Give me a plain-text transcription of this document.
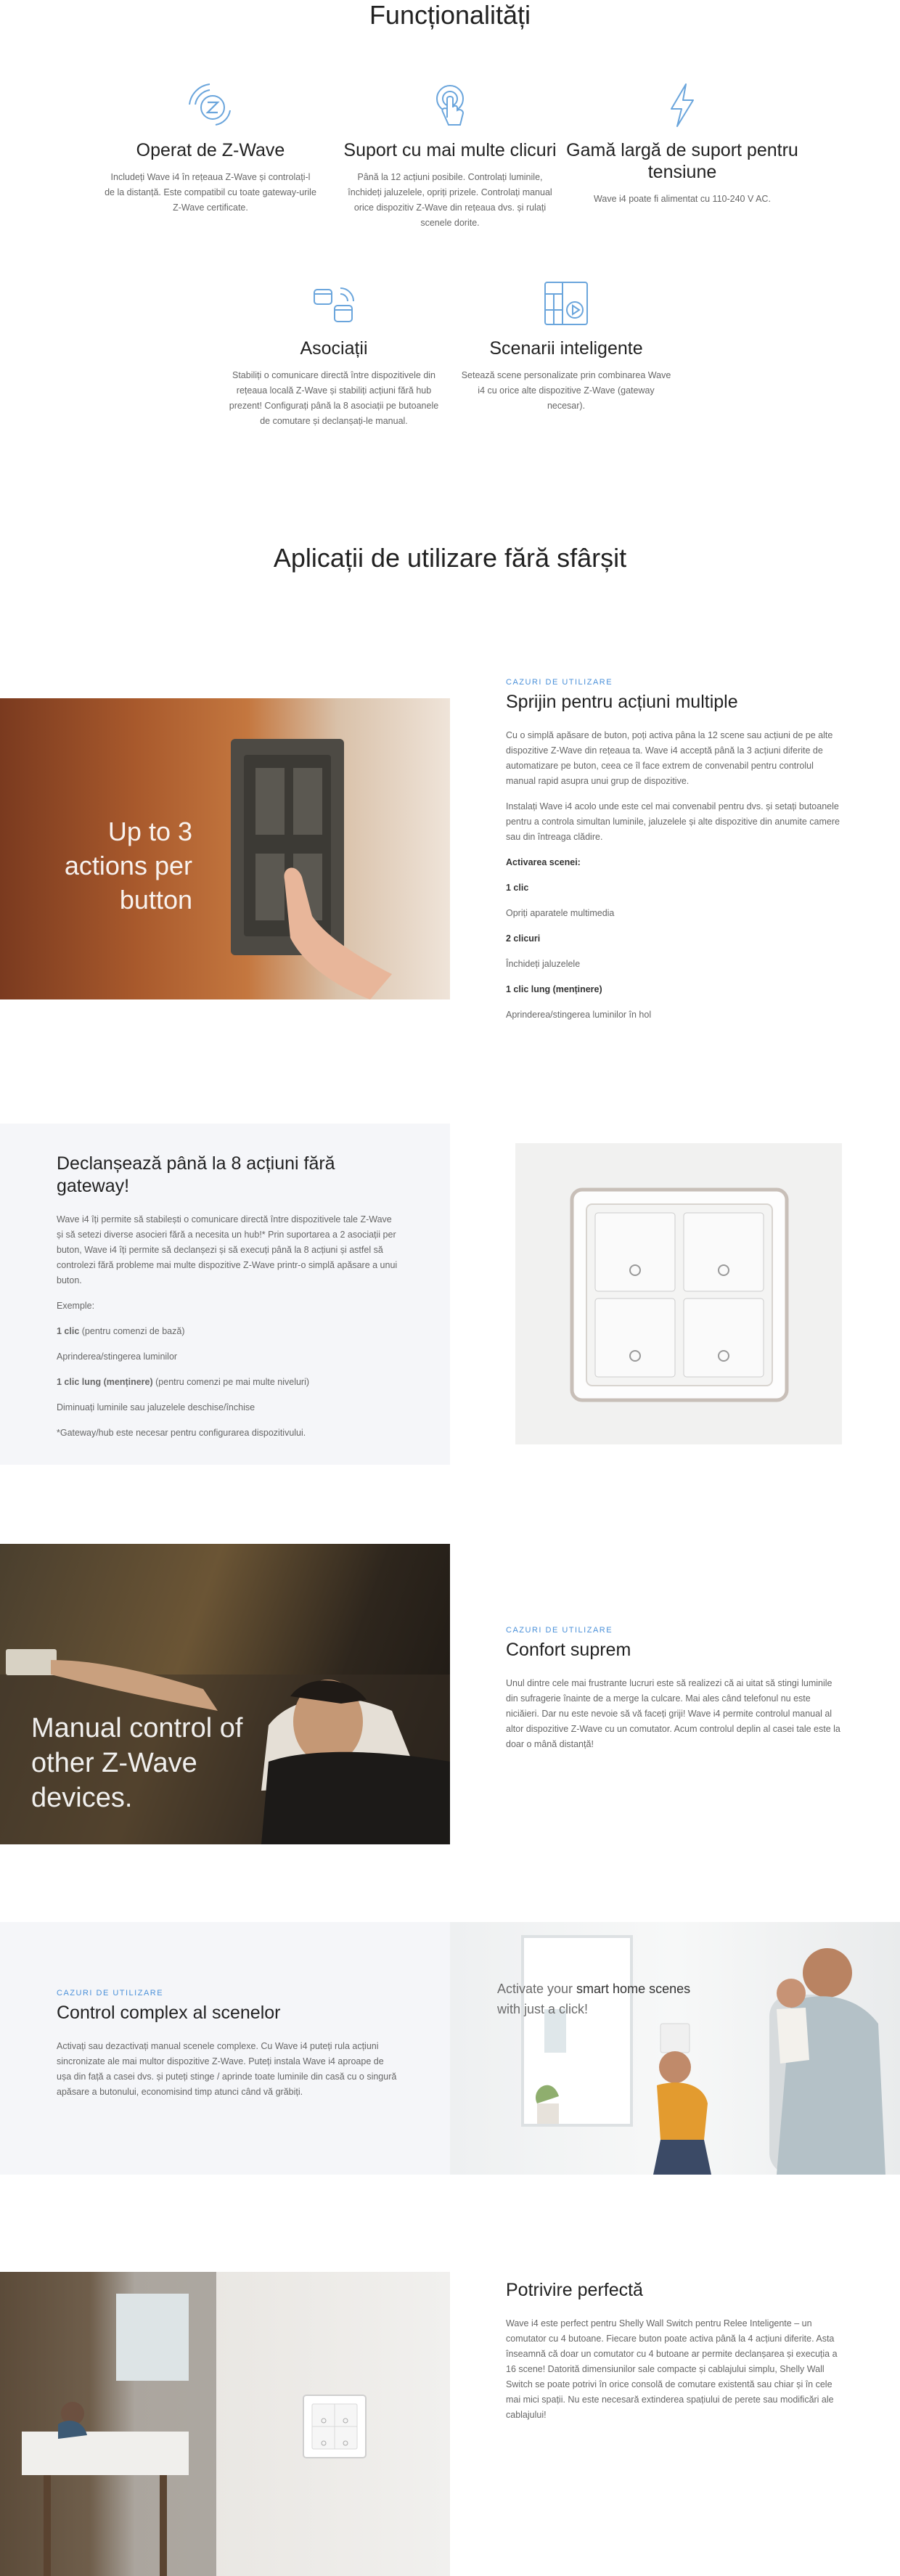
Funcționalități
Operat de Z-Wave

Includeți Wave i4 în rețeaua Z-Wave și controlați-l de la distanță. Este compatibil cu toate gateway-urile Z-Wave certificate.

Suport cu mai multe clicuri

Până la 12 acțiuni posibile. Controlați luminile, închideți jaluzelele, opriți prizele. Controlați manual orice dispozitiv Z-Wave din rețeaua dvs. și rulați scenele dorite.

Gamă largă de suport pentru tensiune

Wave i4 poate fi alimentat cu 110-240 V AC.

Asociații

Stabiliți o comunicare directă între dispozitivele din rețeaua locală Z-Wave și stabiliți acțiuni fără hub prezent! Configurați până la 8 asociații pe butoanele de comutare și declanșați-le manual.

Scenarii inteligente

Setează scene personalizate prin combinarea Wave i4 cu orice alte dispozitive Z-Wave (gateway necesar).

Aplicații de utilizare fără sfârșit
Up to 3 actions per button
CAZURI DE UTILIZARE
Sprijin pentru acțiuni multiple

Cu o simplă apăsare de buton, poți activa pâna la 12 scene sau acțiuni de pe alte dispozitive Z-Wave din rețeaua ta. Wave i4 acceptă până la 3 acțiuni diferite de automatizare pe buton, ceea ce îl face extrem de convenabil pentru controlul manual rapid asupra unui grup de dispozitive.

Instalați Wave i4 acolo unde este cel mai convenabil pentru dvs. și setați butoanele pentru a controla simultan luminile, jaluzelele și alte dispozitive din anumite camere sau din întreaga clădire.

Activarea scenei:

1 clic

Opriți aparatele multimedia

2 clicuri

Închideți jaluzelele

1 clic lung (menținere)

Aprinderea/stingerea luminilor în hol

Declanșează până la 8 acțiuni fără gateway!

Wave i4 îți permite să stabilești o comunicare directă între dispozitivele tale Z-Wave și să setezi diverse asocieri fără a necesita un hub!* Prin suportarea a 2 asociații per buton, Wave i4 îți permite să declanșezi și să execuți până la 8 acțiuni și astfel să controlezi fără probleme mai multe dispozitive Z-Wave printr-o simplă apăsare a unui buton.

Exemple:

1 clic (pentru comenzi de bază)

Aprinderea/stingerea luminilor

1 clic lung (menținere) (pentru comenzi pe mai multe niveluri)

Diminuați luminile sau jaluzelele deschise/închise

*Gateway/hub este necesar pentru configurarea dispozitivului.

Manual control of other Z-Wave devices.
CAZURI DE UTILIZARE
Confort suprem

Unul dintre cele mai frustrante lucruri este să realizezi că ai uitat să stingi luminile din sufragerie înainte de a merge la culcare. Mai ales când telefonul nu este niciăieri. Dar nu este nevoie să vă faceți griji! Wave i4 permite controlul manual al altor dispozitive Z-Wave cu un comutator. Acum controlul deplin al casei tale este la doar o mână distanță!

CAZURI DE UTILIZARE
Control complex al scenelor

Activați sau dezactivați manual scenele complexe. Cu Wave i4 puteți rula acțiuni sincronizate ale mai multor dispozitive Z-Wave. Puteți instala Wave i4 aproape de ușa din față a casei dvs. și puteți stinge / aprinde toate luminile din casă cu o singură apăsare a butonului, economisind timp atunci când vă grăbiți.

Activate your smart home scenes
with just a click!
Potrivire perfectă

Wave i4 este perfect pentru Shelly Wall Switch pentru Relee Inteligente – un comutator cu 4 butoane. Fiecare buton poate activa până la 4 acțiuni diferite. Asta înseamnă că doar un comutator cu 4 butoane ar permite declanșarea și execuția a 16 scene! Datorită dimensiunilor sale compacte și cablajului simplu, Shelly Wall Switch se poate potrivi în orice consolă de comutare existentă sau chiar și în cele mai mici spații. Nu este necesară extinderea spațiului de perete sau modificări ale cablajului!
